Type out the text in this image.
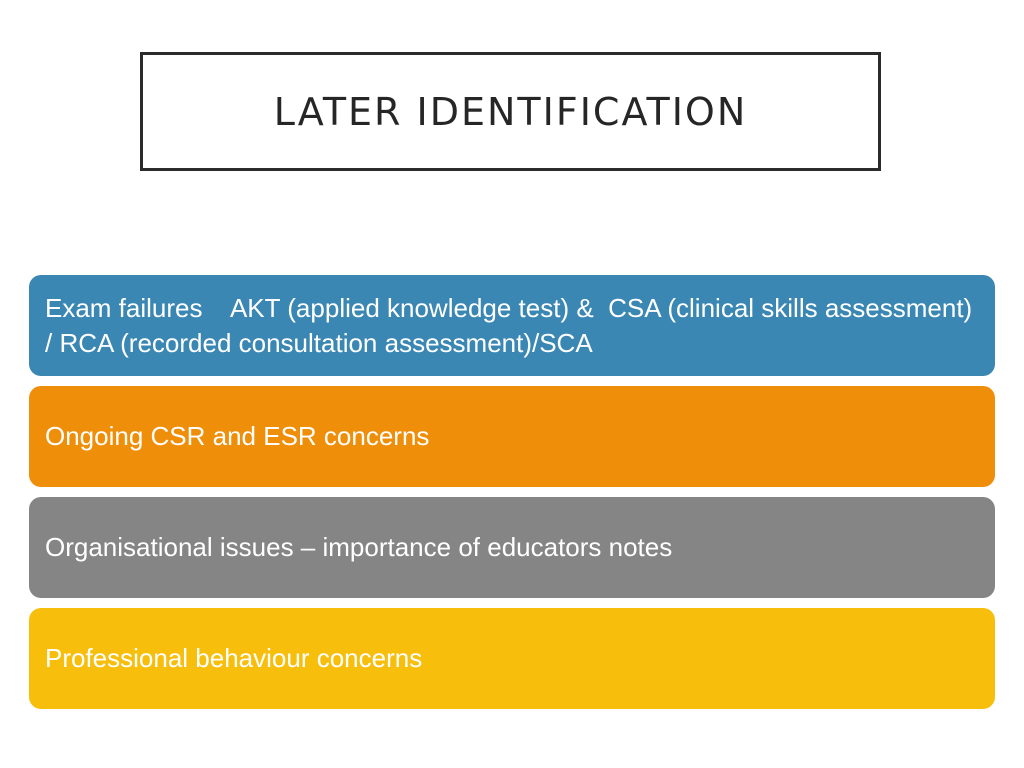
LATER IDENTIFICATION
Exam failures    AKT (applied knowledge test) &  CSA (clinical skills assessment) / RCA (recorded consultation assessment)/SCA
Ongoing CSR and ESR concerns
Organisational issues – importance of educators notes
Professional behaviour concerns
